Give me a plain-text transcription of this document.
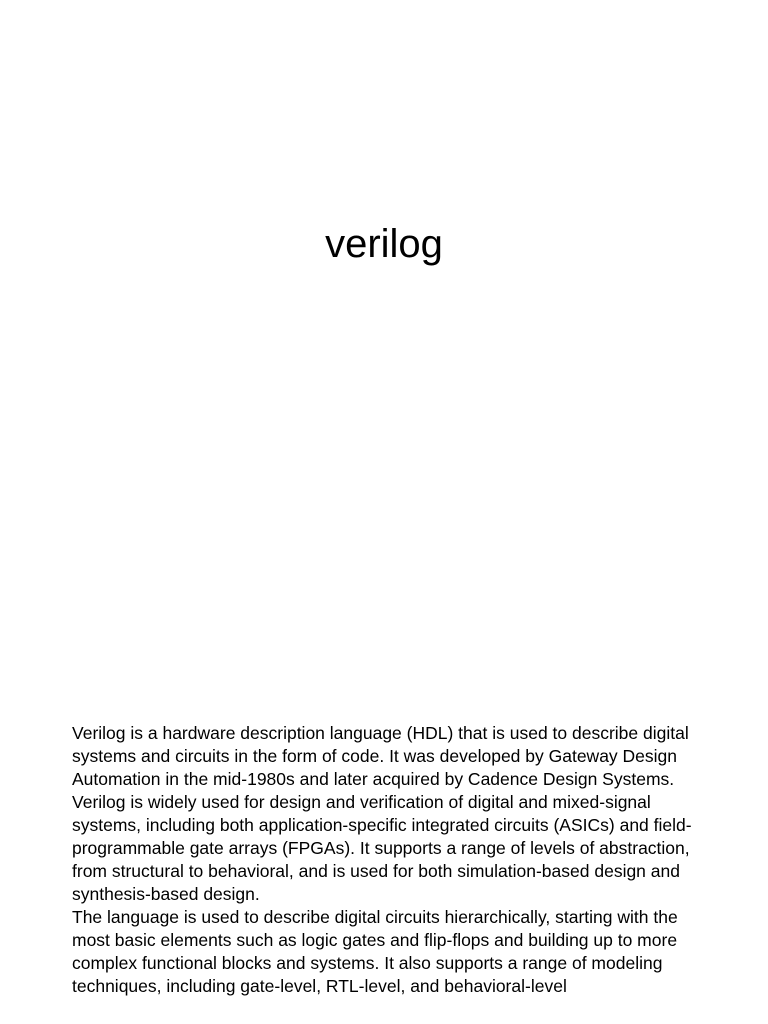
verilog

Verilog is a hardware description language (HDL) that is used to describe digital systems and circuits in the form of code. It was developed by Gateway Design Automation in the mid-1980s and later acquired by Cadence Design Systems.

Verilog is widely used for design and verification of digital and mixed-signal systems, including both application-specific integrated circuits (ASICs) and field-programmable gate arrays (FPGAs). It supports a range of levels of abstraction, from structural to behavioral, and is used for both simulation-based design and synthesis-based design.

The language is used to describe digital circuits hierarchically, starting with the most basic elements such as logic gates and flip-flops and building up to more complex functional blocks and systems. It also supports a range of modeling techniques, including gate-level, RTL-level, and behavioral-level
